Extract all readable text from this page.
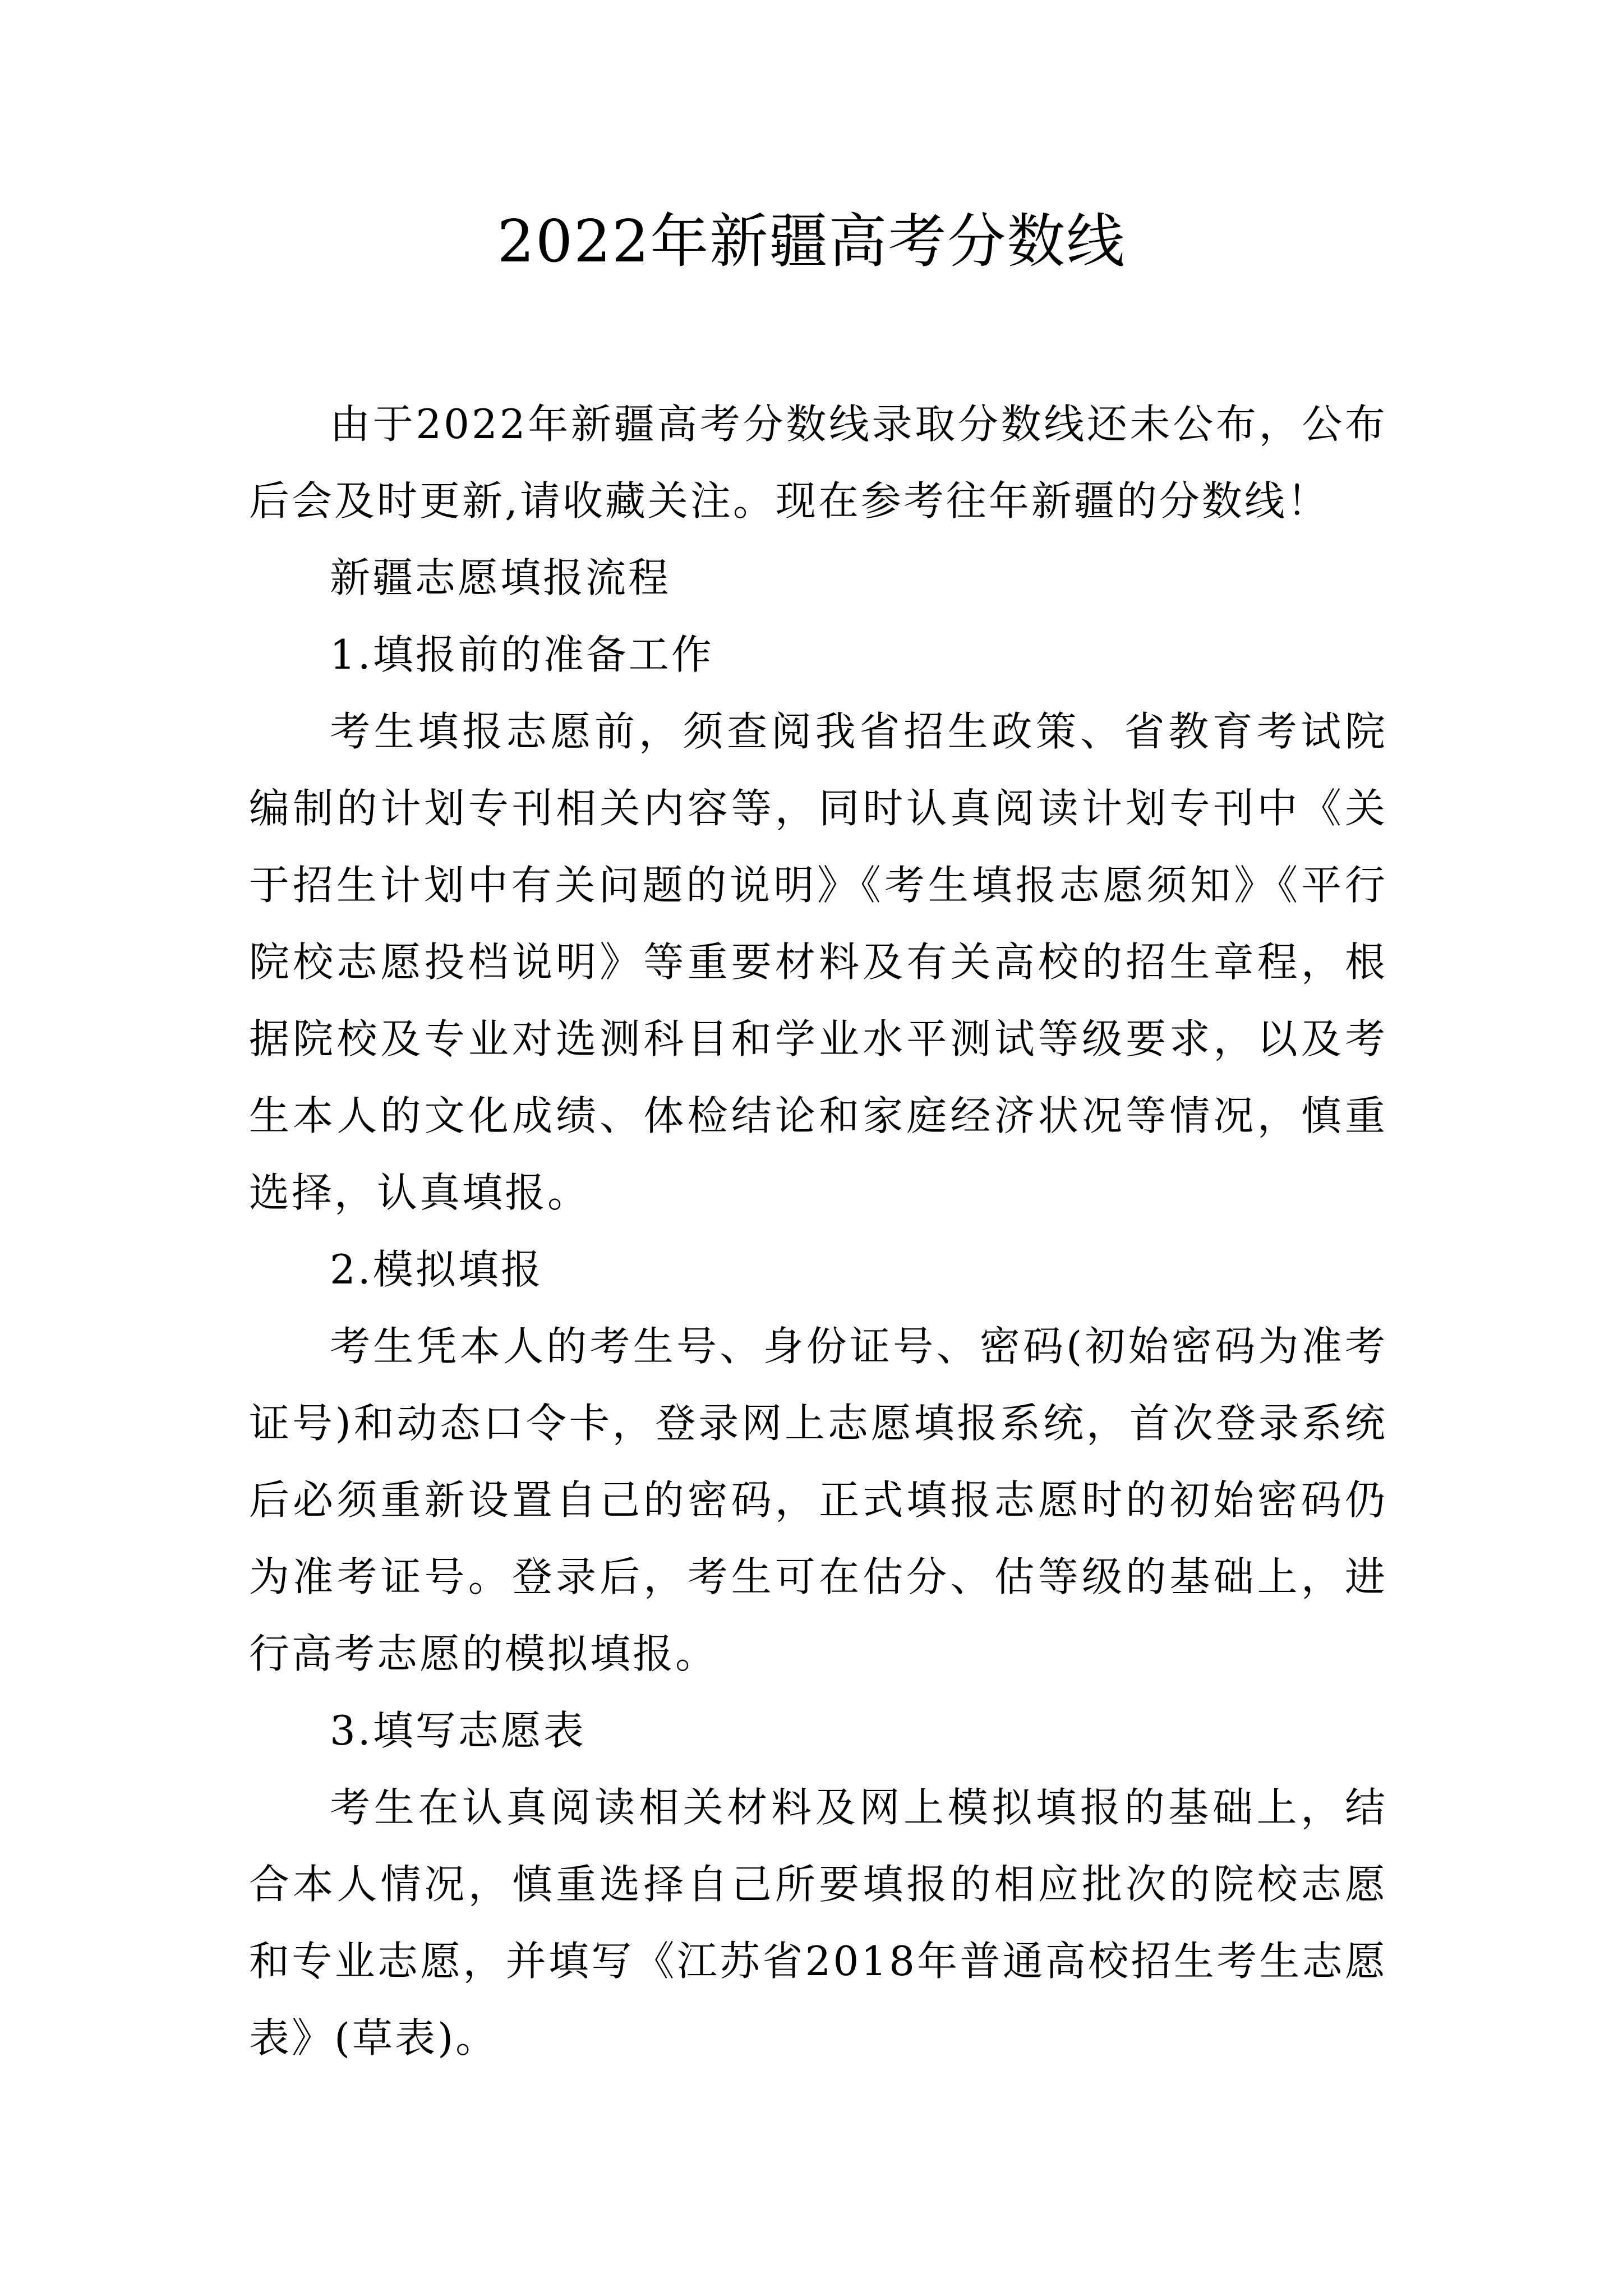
2022年新疆高考分数线

由于2022年新疆高考分数线录取分数线还未公布，公布后会及时更新,请收藏关注。现在参考往年新疆的分数线！

新疆志愿填报流程

1.填报前的准备工作

考生填报志愿前，须查阅我省招生政策、省教育考试院编制的计划专刊相关内容等，同时认真阅读计划专刊中《关于招生计划中有关问题的说明》《考生填报志愿须知》《平行院校志愿投档说明》等重要材料及有关高校的招生章程，根据院校及专业对选测科目和学业水平测试等级要求，以及考生本人的文化成绩、体检结论和家庭经济状况等情况，慎重选择，认真填报。

2.模拟填报

考生凭本人的考生号、身份证号、密码(初始密码为准考证号)和动态口令卡，登录网上志愿填报系统，首次登录系统后必须重新设置自己的密码，正式填报志愿时的初始密码仍为准考证号。登录后，考生可在估分、估等级的基础上，进行高考志愿的模拟填报。

3.填写志愿表

考生在认真阅读相关材料及网上模拟填报的基础上，结合本人情况，慎重选择自己所要填报的相应批次的院校志愿和专业志愿，并填写《江苏省2018年普通高校招生考生志愿表》(草表)。
